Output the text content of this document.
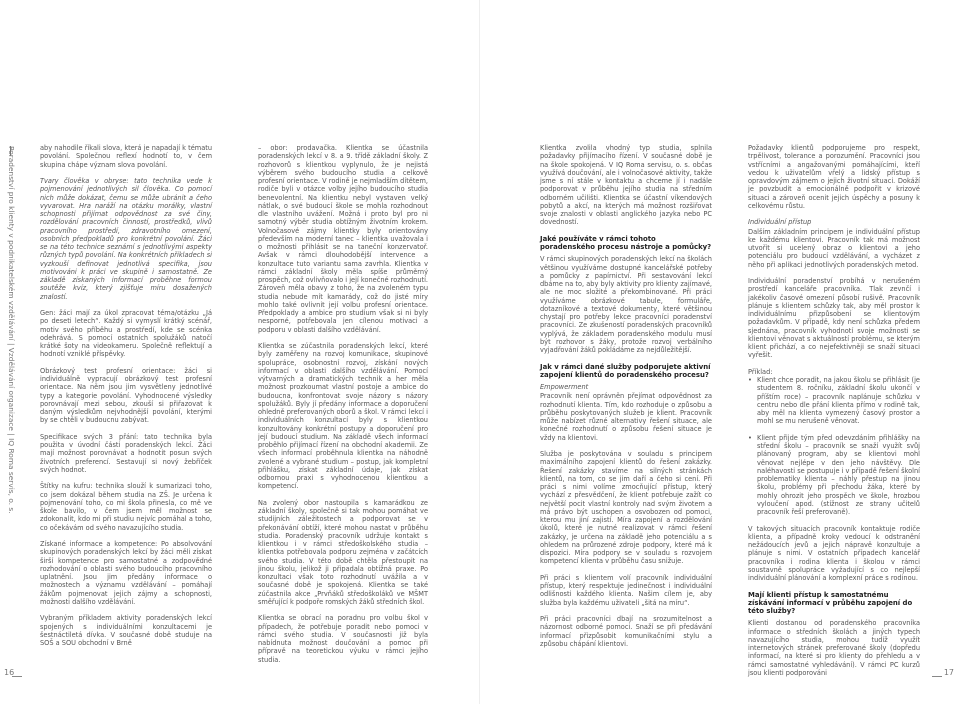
Poradenství pro klienty v podnikatelském vzdělávání | Vzdělávání organizace | IQ Roma servis, o. s.	aby nahodile říkali slova, která je napadají k tématu povolání. Společnou reflexí hodnotí to, v čem skupina chápe význam slova povolání.

Tvary člověka v obryse: tato technika vede k pojmenování jednotlivých sil člověka. Co pomocí nich může dokázat, čemu se může ubránit a čeho vyvarovat. Hra naráží na otázku morálky, vlastní schopnosti přijímat odpovědnost za své činy, rozdělování pracovních činností, prostředků, vlivů pracovního prostředí, zdravotního omezení, osobních předpokladů pro konkrétní povolání. Žáci se na této technice seznámí s jednotlivými aspekty různých typů povolání. Na konkrétních příkladech si vyzkouší definovat jednotlivá specifika, jsou motivováni k práci ve skupině i samostatně. Ze základě získaných informací proběhne formou soutěže kvíz, který zjišťuje míru dosažených znalostí.

Gen: žáci mají za úkol zpracovat téma/otázku „Já po deseti letech“. Každý si vymyslí krátký scénář, motiv svého příběhu a prostředí, kde se scénka odehrává. S pomocí ostatních spolužáků natočí krátké šoty na videokameru. Společně reflektují a hodnotí vzniklé příspěvky.

Obrázkový test profesní orientace: žáci si individuálně vypracují obrázkový test profesní orientace. Na něm jsou jim vysvětleny jednotlivé typy a kategorie povolání. Vyhodnocené výsledky porovnávají mezi sebou, zkouší si přiřazovat k daným výsledkům nejvhodnější povolání, kterými by se chtěli v budoucnu zabývat.

Specifikace svých 3 přání: tato technika byla použita v úvodní části poradenských lekcí. Žáci mají možnost porovnávat a hodnotit posun svých životních preferencí. Sestavují si nový žebříček svých hodnot.

Štítky na kufru: technika slouží k sumarizaci toho, co jsem dokázal během studia na ZŠ. Je určena k pojmenování toho, co mi škola přinesla, co mě ve škole bavilo, v čem jsem měl možnost se zdokonalit, kdo mi při studiu nejvíc pomáhal a toho, co očekávám od svého navazujícího studia.

Získané informace a kompetence: Po absolvování skupinových poradenských lekcí by žáci měli získat širší kompetence pro samostatné a zodpovědné rozhodování o oblasti svého budoucího pracovního uplatnění. Jsou jim předány informace o možnostech a významu vzdělávání – pomáhají žákům pojmenovat jejich zájmy a schopnosti, možnosti dalšího vzdělávání.

Vybraným příkladem aktivity poradenských lekcí spojených s individuálními konzultacemi je šestnáctiletá dívka. V současné době studuje na SOŠ a SOU obchodní v Brně

– obor: prodavačka. Klientka se účastnila poradenských lekcí v 8. a 9. třídě základní školy. Z rozhovorů s klientkou vyplynulo, že je nejistá výběrem svého budoucího studia a celkově profesní orientace. V rodině je nejmladším dítětem, rodiče byli v otázce volby jejího budoucího studia benevolentní. Na klientku nebyl vystaven velký nátlak, o své budoucí škole se mohla rozhodnout dle vlastního uvážení. Možná i proto byl pro ni samotný výběr studia obtížným životním krokem. Volnočasové zájmy klientky byly orientovány především na moderní tanec – klientka uvažovala i o možnosti přihlásit se na taneční konzervatoř. Avšak v rámci dlouhodobější intervence a konzultace tuto variantu sama zavrhla. Klientka v rámci základní školy měla spíše průměrný prospěch, což ovlivňovalo i její konečné rozhodnutí. Zároveň měla obavy z toho, že na zvoleném typu studia nebude mít kamarády, což do jisté míry mohlo také ovlivnit její volbu profesní orientace. Předpoklady a ambice pro studium však si ni byly nesporné, potřebovala jen cílenou motivaci a podporu v oblasti dalšího vzdělávání.

Klientka se zúčastnila poradenských lekcí, které byly zaměřeny na rozvoj komunikace, skupinové spolupráce, osobnostní rozvoj, získání nových informací v oblasti dalšího vzdělávání. Pomocí výtvarných a dramatických technik a her měla možnost prozkoumat vlastní postoje a ambice do budoucna, konfrontovat svoje názory s názory spolužáků. Byly jí předány informace a doporučení ohledně preferovaných oborů a škol. V rámci lekcí i individuálních konzultací byly s klientkou konzultovány konkrétní postupy a doporučení pro její budoucí studium. Na základě všech informací proběhlo přijímací řízení na obchodní akademii. Ze všech informací proběhnula klientka na náhodně zvolené a vybrané studium – postup, jak kompletní přihlášku, získat základní údaje, jak získat odbornou praxi s vyhodnocenou klientkou a kompetencí.

Na zvolený obor nastoupila s kamarádkou ze základní školy, společně si tak mohou pomáhat ve studijních záležitostech a podporovat se v překonávání obtíží, které mohou nastat v průběhu studia. Poradenský pracovník udržuje kontakt s klientkou i v rámci středoškolského studia – klientka potřebovala podporu zejména v začátcích svého studia. V této době chtěla přestoupit na jinou školu, jelikož ji připadala obtížná praxe. Po konzultaci však toto rozhodnutí uvážila a v současné době je spokojená. Klientka se také zúčastnila akce „Prvňáků středoškoláků ve MŠMT směřující k podpoře romských žáků středních škol.

Klientka se obrací na poradnu pro volbu škol v případech, že potřebuje poradit nebo pomoci v rámci svého studia. V současnosti již byla nabídnuta možnost doučování a pomoc při přípravě na teoretickou výuku v rámci jejího studia.

16

Klientka zvolila vhodný typ studia, splnila požadavky přijímacího řízení. V současné době je na škole spokojená. V IQ Roma servisu, o. s. občas využívá doučování, ale i volnočasové aktivity, takže jsme s ní stále v kontaktu a chceme jí i nadále podporovat v průběhu jejího studia na středním odborném učilišti. Klientka se účastní víkendových pobytů a akcí, na kterých má možnost rozšiřovat svoje znalosti v oblasti anglického jazyka nebo PC dovedností.

Jaké používáte v rámci tohoto poradenského procesu nástroje a pomůcky?

V rámci skupinových poradenských lekcí na školách většinou využíváme dostupné kancelářské potřeby a pomůcky z papírnictví. Při sestavování lekcí dbáme na to, aby byly aktivity pro klienty zajímavé, ale ne moc složité a překombinované. Při práci využíváme obrázkové tabule, formuláře, dotazníkové a textové dokumenty, které většinou chystají pro potřeby lekce pracovníci poradenství pracovníci. Ze zkušeností poradenských pracovníků vyplývá, že základem poradenského modulu musí být rozhovor s žáky, protože rozvoj verbálního vyjadřování žáků pokládáme za nejdůležitější.

Jak v rámci dané služby podporujete aktivní zapojení klientů do poradenského procesu?
Empowerment

Pracovník není oprávněn přejímat odpovědnost za rozhodnutí klienta. Tím, kdo rozhoduje o způsobu a průběhu poskytovaných služeb je klient. Pracovník může nabízet různé alternativy řešení situace, ale konečné rozhodnutí o způsobu řešení situace je vždy na klientovi.

Služba je poskytována v souladu s principem maximálního zapojení klientů do řešení zakázky. Řešení zakázky stavíme na silných stránkách klientů, na tom, co se jim daří a čeho si cení. Při práci s nimi volíme zmocňující přístup, který vychází z přesvědčení, že klient potřebuje zažít co největší pocit vlastní kontroly nad svým životem a má právo být uschopen a osvobozen od pomoci, kterou mu jiní zajistí. Míra zapojení a rozdělování úkolů, které je nutné realizovat v rámci řešení zakázky, je určena na základě jeho potenciálu a s ohledem na průrozené zdroje podpory, které má k dispozici. Míra podpory se v souladu s rozvojem kompetencí klienta v průběhu času snižuje.

Při práci s klientem volí pracovník individuální přístup, který respektuje jedinečnost i individuální odlišnosti každého klienta. Našim cílem je, aby služba byla každému uživateli „šitá na míru“.

Při práci pracovníci dbají na srozumitelnost a názornost odborné pomoci. Snaží se při předávání informací přizpůsobit komunikačními stylu a způsobu chápání klientovi.

Požadavky klientů podporujeme pro respekt, trpělivost, tolerance a porozumění. Pracovníci jsou vstřícními a angažovanými pomáhajícími, kteří vedou k uživatelům vřelý a lidský přístup s opravdovým zájmem o jejich životní situaci. Dokáží je povzbudit a emocionálně podpořit v krizové situaci a zároveň ocenit jejich úspěchy a posuny k celkovému růstu.

Individuální přístup

Dalším základním principem je individuální přístup ke každému klientovi. Pracovník tak má možnost utvořit si ucelený obraz o klientovi a jeho potenciálu pro budoucí vzdělávání, a vycházet z něho při aplikaci jednotlivých poradenských metod.

Individuální poradenství probíhá v nerušeném prostředí kanceláře pracovníka. Tlak zevnčí i jakékoliv časové omezení působí rušivě. Pracovník plánuje s klientem schůzky tak, aby měl prostor k individuálnímu přizpůsobení se klientovým požadavkům. V případě, kdy není schůzka předem sjednána, pracovník vyhodnotí svoje možnosti se klientovi věnovat s aktuálností problému, se kterým klient přichází, a co nejefektivněji se snaží situaci vyřešit.

Příklad:
• Klient chce poradit, na jakou školu se přihlásit (je studentem 8. ročníku, základní školu ukončí v příštím roce) – pracovník naplánuje schůzku v centru nebo dle přání klienta přímo v rodině tak, aby měl na klienta vymezený časový prostor a mohl se mu nerušeně věnovat.
• Klient přijde tým před odevzdáním přihlášky na střední školu – pracovník se snaží využít svůj plánovaný program, aby se klientovi mohl věnovat nejlépe v den jeho návštěvy. Dle naléhavosti se postupuje i v případě řešení školní problematiky klienta – náhly přestup na jinou školu, problémy při přechodu žáka, které by mohly ohrozit jeho prospěch ve škole, hrozbou vyloučení apod. (stížnost ze strany učitelů pracovník řeší preferovaně).

V takových situacích pracovník kontaktuje rodiče klienta, a případně kroky vedoucí k odstranění nežádoucích jevů a jejich nápravě konzultuje a plánuje s nimi. V ostatních případech kancelář pracovníka i rodina klienta i školou v rámci soustavně spolupráce vyžadující s co nejlepší individuální plánování a komplexní práce s rodinou.

Mají klienti přístup k samostatnému získávání informací v průběhu zapojení do této služby?

Klienti dostanou od poradenského pracovníka informace o středních školách a jiných typech navazujícího studia, mohou tudíž využít internetových stránek preferované školy (dopředu informací, na které si pro klienty do přehledu a v rámci samostatné vyhledávání). V rámci PC kurzů jsou klienti podporováni	17
